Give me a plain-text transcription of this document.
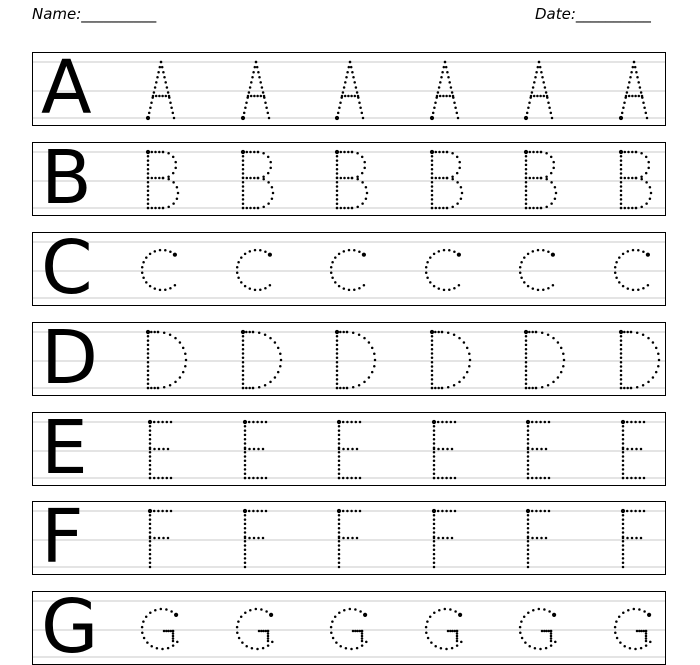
Name:__________	Date:__________
A
B
C
D
E
F
G
